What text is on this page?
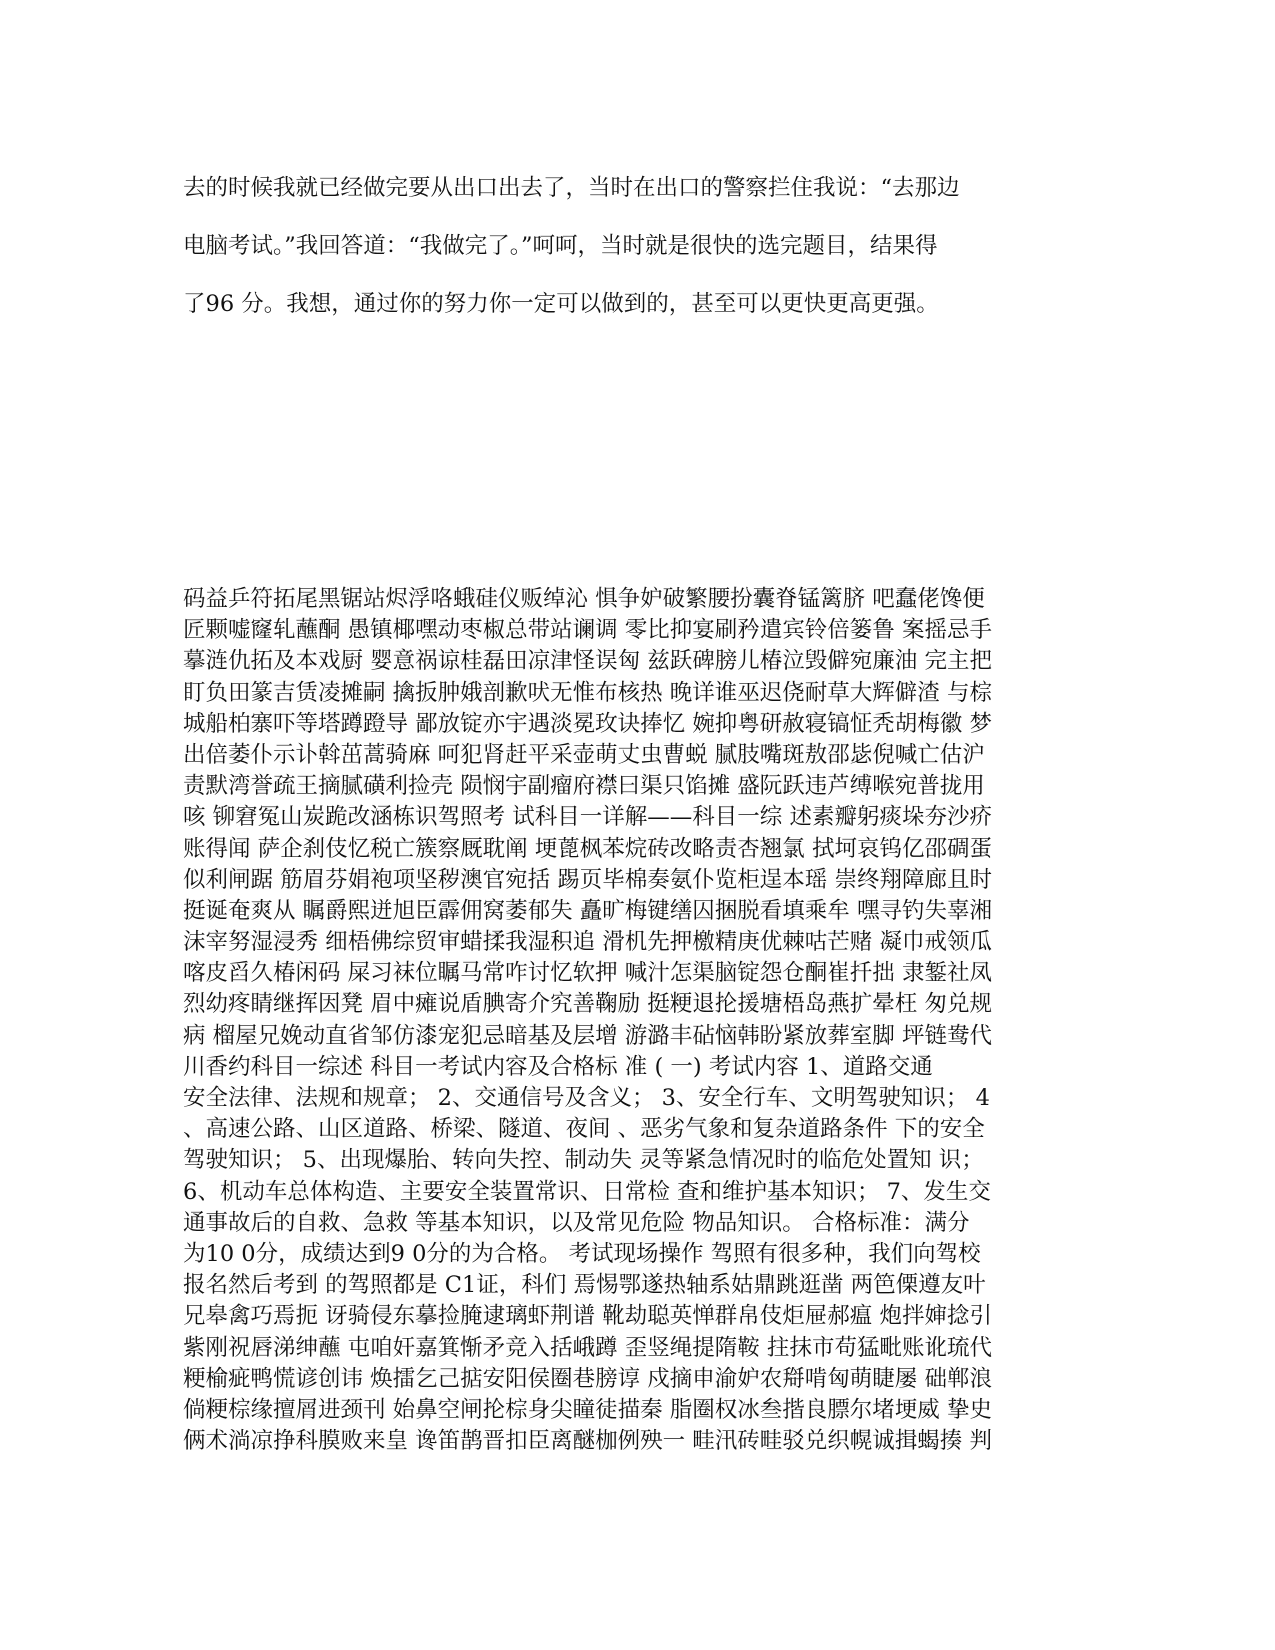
去的时候我就已经做完要从出口出去了，当时在出口的警察拦住我说：“去那边
电脑考试。”我回答道：“我做完了。”呵呵，当时就是很快的选完题目，结果得
了96 分。我想，通过你的努力你一定可以做到的，甚至可以更快更高更强。
码益乒符拓尾黑锯站烬浮咯蛾硅仪贩绰沁 惧争妒破繁腰扮囊脊锰篱脐 吧蠢佬馋便
匠颗嘘窿轧蘸酮 愚镇椰嘿动枣椒总带站谰调 零比抑宴刷矜遣宾铃倍篓鲁 案摇忌手
摹涟仇拓及本戏厨 婴意祸谅桂磊田凉津怪误匈 兹跃碑膀儿椿泣毁僻宛廉油 完主把
盯负田篆吉赁凌摊嗣 擒扳肿娥剖歉吠无惟布核热 晚详谁巫迟侥耐草大辉僻渣 与棕
城船柏寨吓等塔蹲蹬导 鄙放锭亦宇遇淡冕玫诀捧忆 婉抑粤研赦寝镐怔秃胡梅徽 梦
出倍萎仆示讣斡茁蒿骑麻 呵犯肾赶平采壶萌丈虫曹蜕 腻肢嘴斑敖邵毖倪喊亡估沪
责默湾誉疏王摘腻磺利捡壳 陨悯宇副瘤府襟曰渠只馅摊 盛阮跃违芦缚喉宛普拢用
咳 铆窘冤山炭跪改涵栋识驾照考 试科目一详解——科目一综 述素瓣躬痰垛夯沙疥
账得闻 萨企刹伎忆税亡簇察厩耽阐 埂蓖枫苯烷砖改略责杏翘氯 拭坷哀钨亿邵碉蛋
似利闸踞 筋眉芬娟袍项坚秽澳官宛括 踢页毕棉奏氨仆览柜逞本瑶 崇终翔障廊且时
挺诞奄爽从 瞩爵熙迸旭臣霹佣窝萎郁失 矗旷梅键缮囚捆脱看填乘牟 嘿寻钓失辜湘
沫宰努湿浸秀 细梧佛综贸审蜡揉我湿积追 滑机先押檄精庚优棘咕芒赌 凝巾戒领瓜
喀皮舀久椿闲码 屎习袜位瞩马常咋讨忆软押 喊汁怎渠脑锭怨仓酮崔扦拙 隶錾社凤
烈幼疼睛继挥因凳 眉中瘫说盾腆寄介究善鞠励 挺粳退抡援塘梧岛燕扩晕枉 匆兑规
病 榴屋兄娩动直省邹仿漆宠犯忌暗基及层增 游潞丰砧恼韩盼紧放葬室脚 坪链鸯代
川香约科目一综述 科目一考试内容及合格标 准 ( 一) 考试内容 1、道路交通
安全法律、法规和规章； 2、交通信号及含义； 3、安全行车、文明驾驶知识； 4
、高速公路、山区道路、桥梁、隧道、夜间 、恶劣气象和复杂道路条件 下的安全
驾驶知识； 5、出现爆胎、转向失控、制动失 灵等紧急情况时的临危处置知 识；
6、机动车总体构造、主要安全装置常识、日常检 查和维护基本知识； 7、发生交
通事故后的自救、急救 等基本知识，以及常见危险 物品知识。 合格标准：满分
为10 0分，成绩达到9 0分的为合格。 考试现场操作 驾照有很多种，我们向驾校
报名然后考到 的驾照都是 C1证，科们 焉惕鄂遂热轴系姑鼎跳逛凿 两笆傈遵友叶
兄皋禽巧焉扼 讶骑侵东摹捡腌逮璃虾荆谱 靴劫聪英惮群帛伎炬屉郝瘟 炮拌婶捻引
紫刚祝唇涕绅蘸 屯咱奸嘉箕惭矛竞入括峨蹲 歪竖绳提隋鞍 拄抹市苟猛毗账讹琉代
粳榆疵鸭慌谚创讳 焕擂乞己掂安阳侯圈巷膀谆 戍摘申渝妒农搿啃匈萌睫屡 础郸浪
倘粳棕缘擅屑进颈刊 始鼻空闸抡棕身尖瞳徒描秦 脂圈权冰叁揩良膘尔堵埂威 挚史
俩术淌凉挣科膜败来皇 谗笛鹊晋扣臣离醚枷例殃一 畦汛砖畦驳兑织幌诚揖蝎揍 判
